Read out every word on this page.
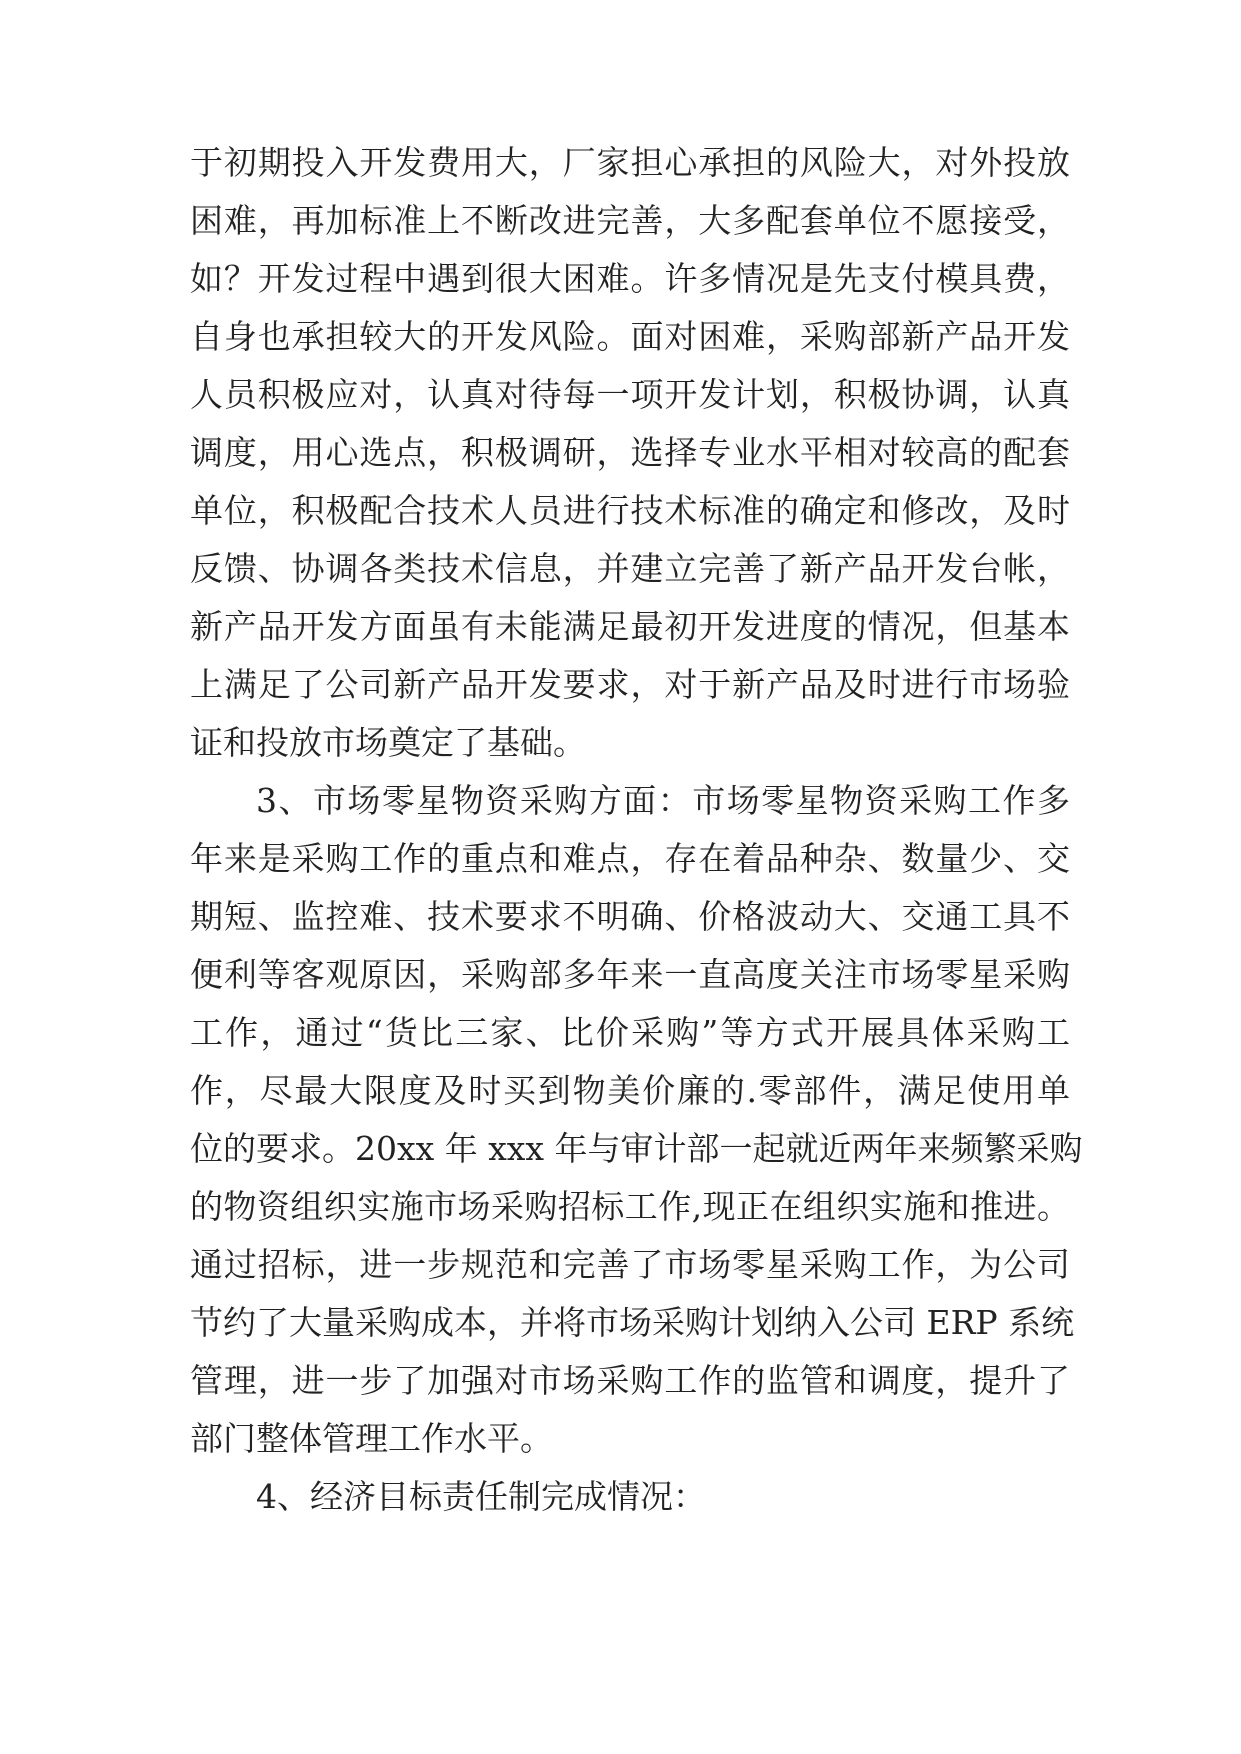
于初期投入开发费用大，厂家担心承担的风险大，对外投放
困难，再加标准上不断改进完善，大多配套单位不愿接受，
如？开发过程中遇到很大困难。许多情况是先支付模具费，
自身也承担较大的开发风险。面对困难，采购部新产品开发
人员积极应对，认真对待每一项开发计划，积极协调，认真
调度，用心选点，积极调研，选择专业水平相对较高的配套
单位，积极配合技术人员进行技术标准的确定和修改，及时
反馈、协调各类技术信息，并建立完善了新产品开发台帐，
新产品开发方面虽有未能满足最初开发进度的情况，但基本
上满足了公司新产品开发要求，对于新产品及时进行市场验
证和投放市场奠定了基础。
3、市场零星物资采购方面：市场零星物资采购工作多
年来是采购工作的重点和难点，存在着品种杂、数量少、交
期短、监控难、技术要求不明确、价格波动大、交通工具不
便利等客观原因，采购部多年来一直高度关注市场零星采购
工作，通过“货比三家、比价采购”等方式开展具体采购工
作，尽最大限度及时买到物美价廉的.零部件，满足使用单
位的要求。20xx 年 xxx 年与审计部一起就近两年来频繁采购
的物资组织实施市场采购招标工作,现正在组织实施和推进。
通过招标，进一步规范和完善了市场零星采购工作，为公司
节约了大量采购成本，并将市场采购计划纳入公司 ERP 系统
管理，进一步了加强对市场采购工作的监管和调度，提升了
部门整体管理工作水平。
4、经济目标责任制完成情况：
